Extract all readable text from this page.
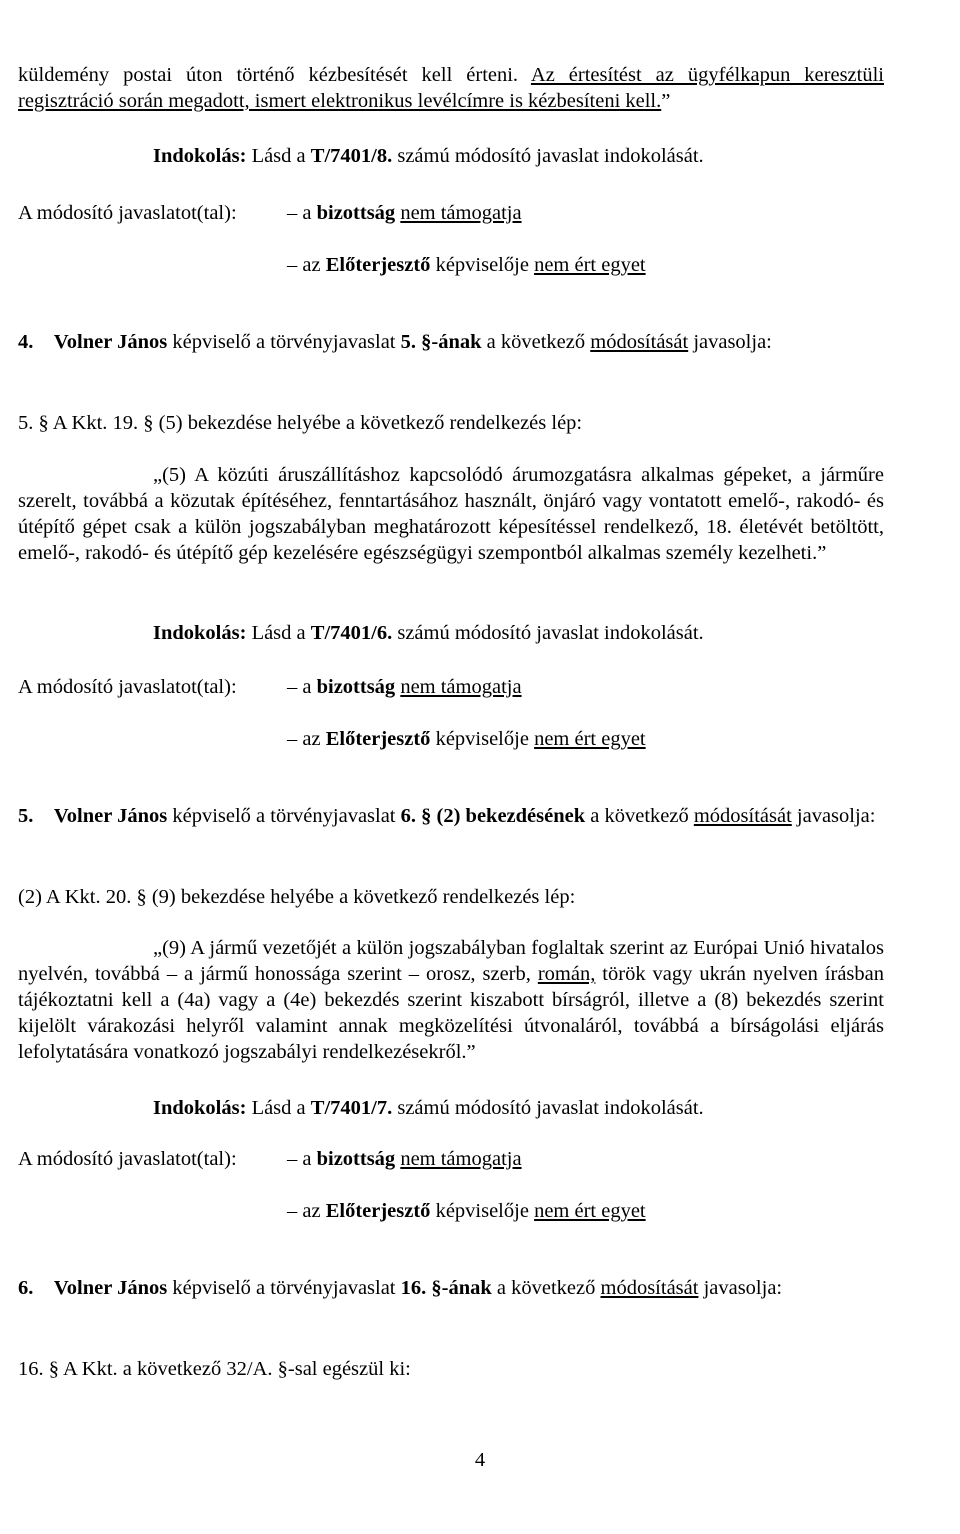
küldemény postai úton történő kézbesítését kell érteni. Az értesítést az ügyfélkapun keresztüli regisztráció során megadott, ismert elektronikus levélcímre is kézbesíteni kell.”

Indokolás: Lásd a T/7401/8. számú módosító javaslat indokolását.

A módosító javaslatot(tal): – a bizottság nem támogatja

– az Előterjesztő képviselője nem ért egyet

4. Volner János képviselő a törvényjavaslat 5. §-ának a következő módosítását javasolja:

5. § A Kkt. 19. § (5) bekezdése helyébe a következő rendelkezés lép:

„(5) A közúti áruszállításhoz kapcsolódó árumozgatásra alkalmas gépeket, a járműre szerelt, továbbá a közutak építéséhez, fenntartásához használt, önjáró vagy vontatott emelő-, rakodó- és útépítő gépet csak a külön jogszabályban meghatározott képesítéssel rendelkező, 18. életévét betöltött, emelő-, rakodó- és útépítő gép kezelésére egészségügyi szempontból alkalmas személy kezelheti.”

Indokolás: Lásd a T/7401/6. számú módosító javaslat indokolását.

A módosító javaslatot(tal): – a bizottság nem támogatja

– az Előterjesztő képviselője nem ért egyet

5. Volner János képviselő a törvényjavaslat 6. § (2) bekezdésének a következő módosítását javasolja:

(2) A Kkt. 20. § (9) bekezdése helyébe a következő rendelkezés lép:

„(9) A jármű vezetőjét a külön jogszabályban foglaltak szerint az Európai Unió hivatalos nyelvén, továbbá – a jármű honossága szerint – orosz, szerb, román, török vagy ukrán nyelven írásban tájékoztatni kell a (4a) vagy a (4e) bekezdés szerint kiszabott bírságról, illetve a (8) bekezdés szerint kijelölt várakozási helyről valamint annak megközelítési útvonaláról, továbbá a bírságolási eljárás lefolytatására vonatkozó jogszabályi rendelkezésekről.”

Indokolás: Lásd a T/7401/7. számú módosító javaslat indokolását.

A módosító javaslatot(tal): – a bizottság nem támogatja

– az Előterjesztő képviselője nem ért egyet

6. Volner János képviselő a törvényjavaslat 16. §-ának a következő módosítását javasolja:

16. § A Kkt. a következő 32/A. §-sal egészül ki:

4
